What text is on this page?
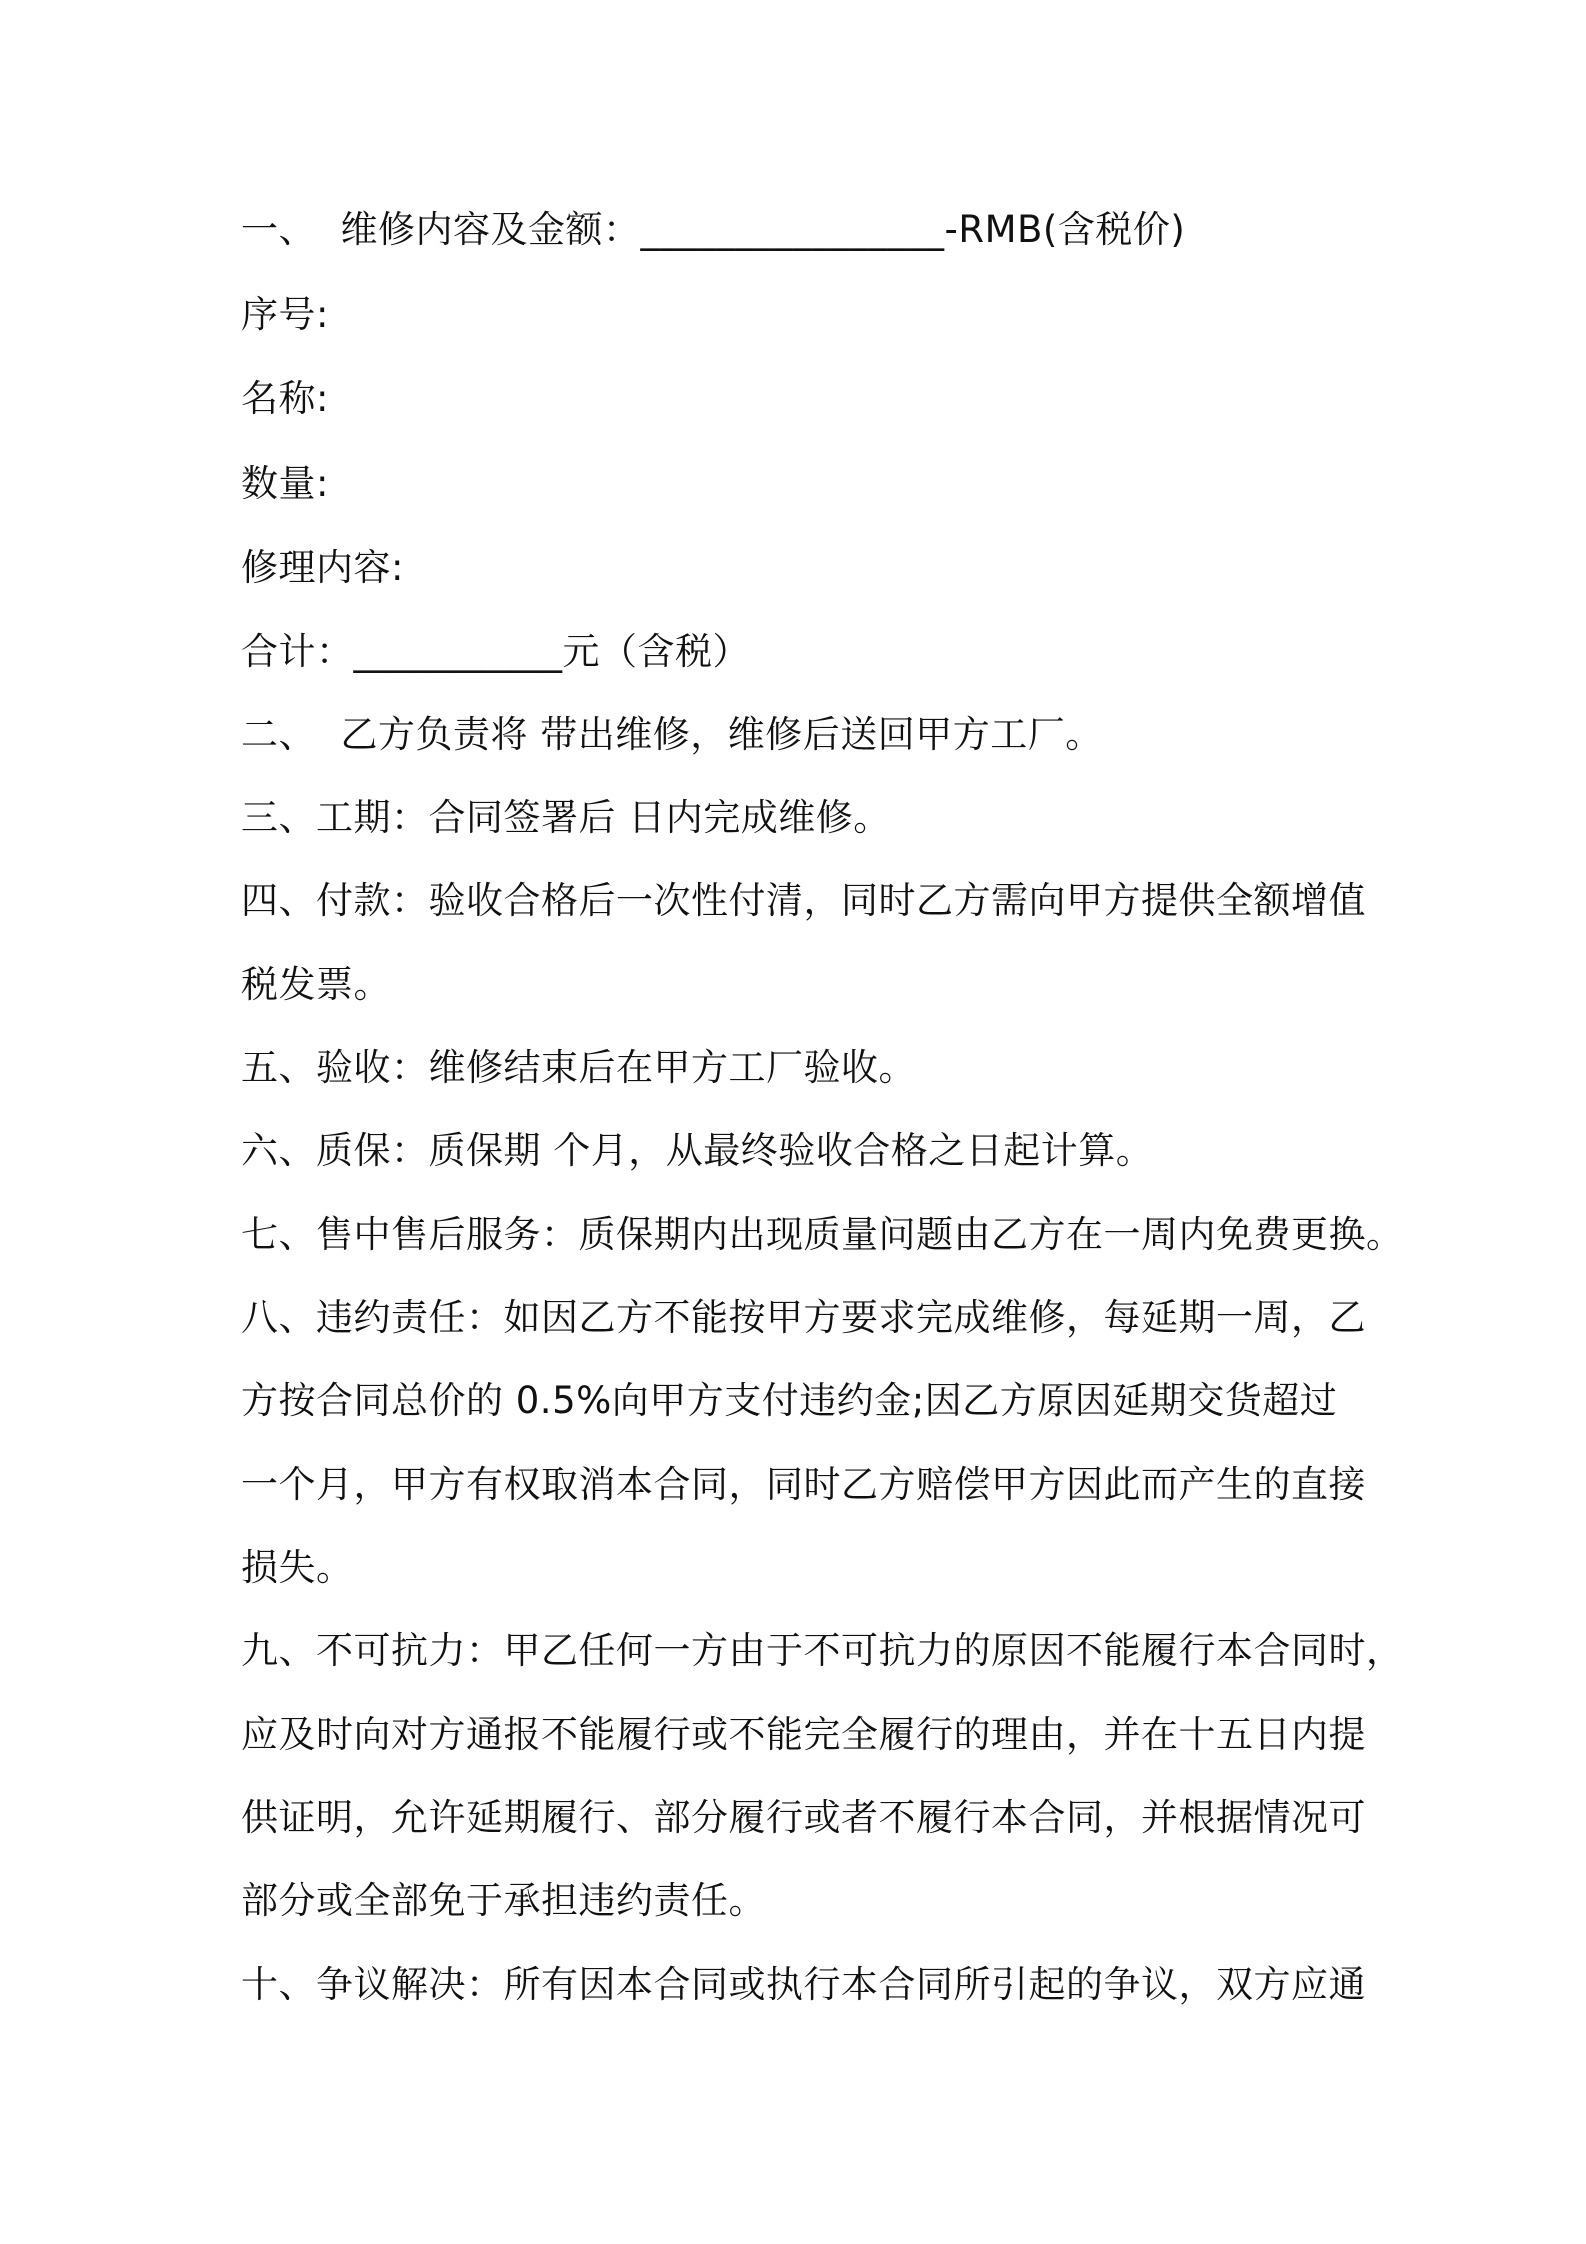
一、  维修内容及金额：________________-RMB(含税价)
序号:
名称:
数量:
修理内容:
合计：___________元（含税）
二、  乙方负责将 带出维修，维修后送回甲方工厂。
三、工期：合同签署后 日内完成维修。
四、付款：验收合格后一次性付清，同时乙方需向甲方提供全额增值
税发票。
五、验收：维修结束后在甲方工厂验收。
六、质保：质保期 个月，从最终验收合格之日起计算。
七、售中售后服务：质保期内出现质量问题由乙方在一周内免费更换。
八、违约责任：如因乙方不能按甲方要求完成维修，每延期一周，乙
方按合同总价的 0.5%向甲方支付违约金;因乙方原因延期交货超过
一个月，甲方有权取消本合同，同时乙方赔偿甲方因此而产生的直接
损失。
九、不可抗力：甲乙任何一方由于不可抗力的原因不能履行本合同时，
应及时向对方通报不能履行或不能完全履行的理由，并在十五日内提
供证明，允许延期履行、部分履行或者不履行本合同，并根据情况可
部分或全部免于承担违约责任。
十、争议解决：所有因本合同或执行本合同所引起的争议，双方应通
